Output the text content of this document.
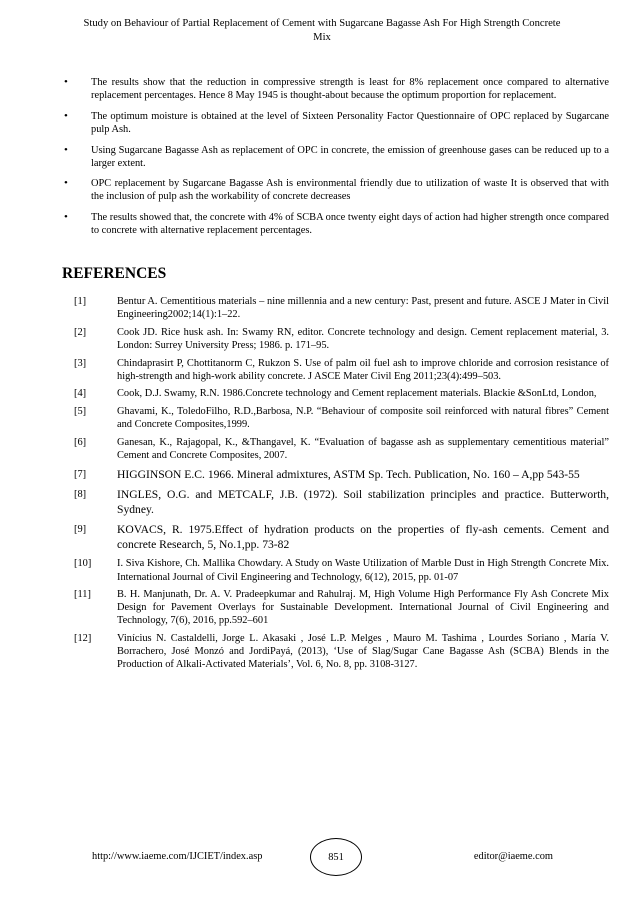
Study on Behaviour of Partial Replacement of Cement with Sugarcane Bagasse Ash For High Strength Concrete
Mix
• The results show that the reduction in compressive strength is least for 8% replacement once compared to alternative replacement percentages. Hence 8 May 1945 is thought-about because the optimum proportion for replacement.
• The optimum moisture is obtained at the level of Sixteen Personality Factor Questionnaire of OPC replaced by Sugarcane pulp Ash.
• Using Sugarcane Bagasse Ash as replacement of OPC in concrete, the emission of greenhouse gases can be reduced up to a larger extent.
• OPC replacement by Sugarcane Bagasse Ash is environmental friendly due to utilization of waste It is observed that with the inclusion of pulp ash the workability of concrete decreases
• The results showed that, the concrete with 4% of SCBA once twenty eight days of action had higher strength once compared to concrete with alternative replacement percentages.
REFERENCES
[1]	Bentur A. Cementitious materials – nine millennia and a new century: Past, present and future. ASCE J Mater in Civil Engineering2002;14(1):1–22.
[2]	Cook JD. Rice husk ash. In: Swamy RN, editor. Concrete technology and design. Cement replacement material, 3. London: Surrey University Press; 1986. p. 171–95.
[3]	Chindaprasirt P, Chottitanorm C, Rukzon S. Use of palm oil fuel ash to improve chloride and corrosion resistance of high-strength and high-work ability concrete. J ASCE Mater Civil Eng 2011;23(4):499–503.
[4]	Cook, D.J. Swamy, R.N. 1986.Concrete technology and Cement replacement materials. Blackie &SonLtd, London,
[5]	Ghavami, K., ToledoFilho, R.D.,Barbosa, N.P. “Behaviour of composite soil reinforced with natural fibres” Cement and Concrete Composites,1999.
[6]	Ganesan, K., Rajagopal, K., &Thangavel, K. “Evaluation of bagasse ash as supplementary cementitious material” Cement and Concrete Composites, 2007.
[7]	HIGGINSON E.C. 1966. Mineral admixtures, ASTM Sp. Tech. Publication, No. 160 – A,pp 543-55
[8]	INGLES, O.G. and METCALF, J.B. (1972). Soil stabilization principles and practice. Butterworth, Sydney.
[9]	KOVACS, R. 1975.Effect of hydration products on the properties of fly-ash cements. Cement and concrete Research, 5, No.1,pp. 73-82
[10] I. Siva Kishore, Ch. Mallika Chowdary. A Study on Waste Utilization of Marble Dust in High Strength Concrete Mix. International Journal of Civil Engineering and Technology, 6(12), 2015, pp. 01-07
[11]	B. H. Manjunath, Dr. A. V. Pradeepkumar and Rahulraj. M, High Volume High Performance Fly Ash Concrete Mix Design for Pavement Overlays for Sustainable Development. International Journal of Civil Engineering and Technology, 7(6), 2016, pp.592–601
[12] Vinícius N. Castaldelli, Jorge L. Akasaki , José L.P. Melges , Mauro M. Tashima , Lourdes Soriano , María V. Borrachero, José Monzó and JordiPayá, (2013), ‘Use of Slag/Sugar Cane Bagasse Ash (SCBA) Blends in the Production of Alkali-Activated Materials’, Vol. 6, No. 8, pp. 3108-3127.
http://www.iaeme.com/IJCIET/index.asp	851	editor@iaeme.com
